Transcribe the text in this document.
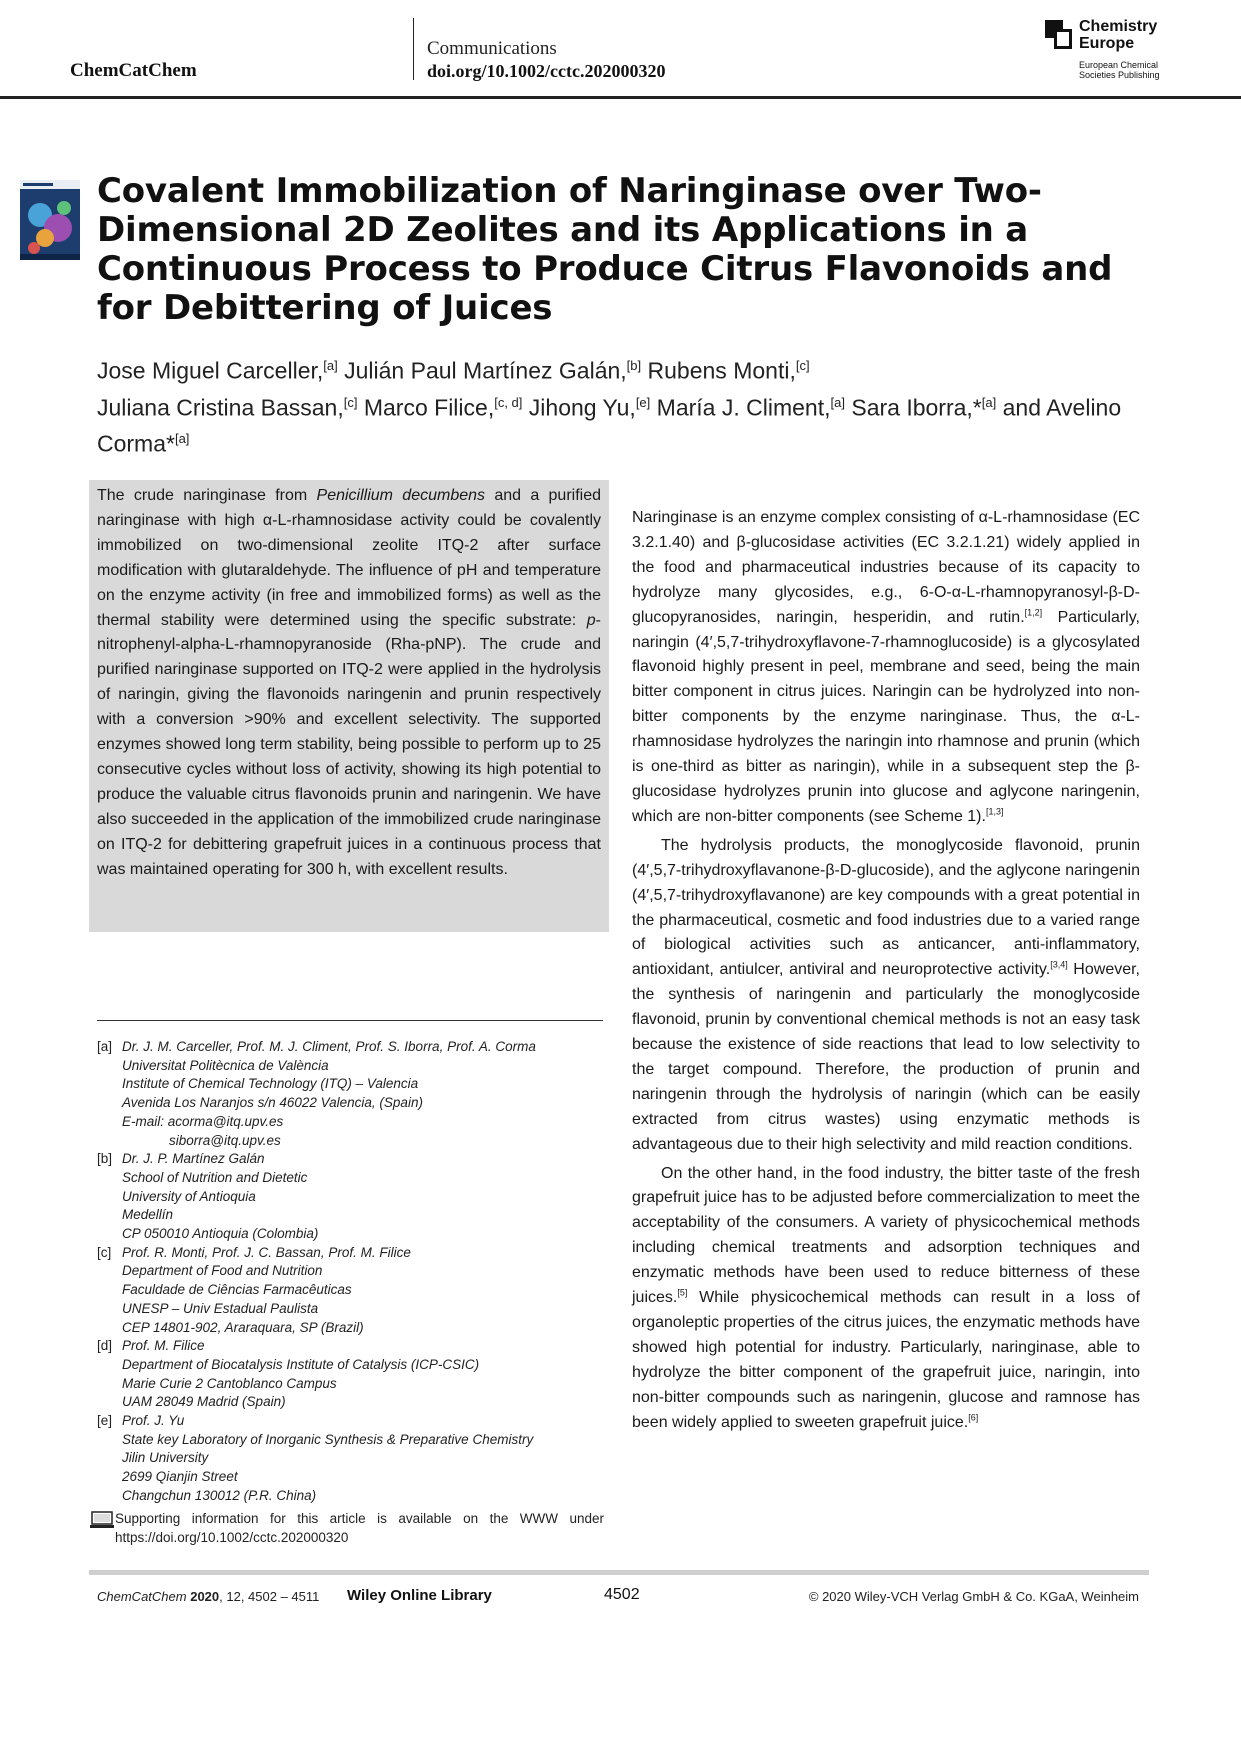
ChemCatChem
Communications
doi.org/10.1002/cctc.202000320
Chemistry
Europe
European Chemical
Societies Publishing
Covalent Immobilization of Naringinase over Two-Dimensional 2D Zeolites and its Applications in a Continuous Process to Produce Citrus Flavonoids and for Debittering of Juices
Jose Miguel Carceller,[a] Julián Paul Martínez Galán,[b] Rubens Monti,[c]
Juliana Cristina Bassan,[c] Marco Filice,[c, d] Jihong Yu,[e] María J. Climent,[a] Sara Iborra,*[a] and Avelino Corma*[a]

The crude naringinase from Penicillium decumbens and a purified naringinase with high α-L-rhamnosidase activity could be covalently immobilized on two-dimensional zeolite ITQ-2 after surface modification with glutaraldehyde. The influence of pH and temperature on the enzyme activity (in free and immobilized forms) as well as the thermal stability were determined using the specific substrate: p-nitrophenyl-alpha-L-rhamnopyranoside (Rha-pNP). The crude and purified naringinase supported on ITQ-2 were applied in the hydrolysis of naringin, giving the flavonoids naringenin and prunin respectively with a conversion >90% and excellent selectivity. The supported enzymes showed long term stability, being possible to perform up to 25 consecutive cycles without loss of activity, showing its high potential to produce the valuable citrus flavonoids prunin and naringenin. We have also succeeded in the application of the immobilized crude naringinase on ITQ-2 for debittering grapefruit juices in a continuous process that was maintained operating for 300 h, with excellent results.

[a] Dr. J. M. Carceller, Prof. M. J. Climent, Prof. S. Iborra, Prof. A. Corma
Universitat Politècnica de València
Institute of Chemical Technology (ITQ) – Valencia
Avenida Los Naranjos s/n 46022 Valencia, (Spain)
E-mail: acorma@itq.upv.es
siborra@itq.upv.es
[b] Dr. J. P. Martínez Galán
School of Nutrition and Dietetic
University of Antioquia
Medellín
CP 050010 Antioquia (Colombia)
[c] Prof. R. Monti, Prof. J. C. Bassan, Prof. M. Filice
Department of Food and Nutrition
Faculdade de Ciências Farmacêuticas
UNESP – Univ Estadual Paulista
CEP 14801-902, Araraquara, SP (Brazil)
[d] Prof. M. Filice
Department of Biocatalysis Institute of Catalysis (ICP-CSIC)
Marie Curie 2 Cantoblanco Campus
UAM 28049 Madrid (Spain)
[e] Prof. J. Yu
State key Laboratory of Inorganic Synthesis & Preparative Chemistry
Jilin University
2699 Qianjin Street
Changchun 130012 (P.R. China)
Supporting information for this article is available on the WWW under https://doi.org/10.1002/cctc.202000320

Naringinase is an enzyme complex consisting of α-L-rhamnosidase (EC 3.2.1.40) and β-glucosidase activities (EC 3.2.1.21) widely applied in the food and pharmaceutical industries because of its capacity to hydrolyze many glycosides, e.g., 6-O-α-L-rhamnopyranosyl-β-D-glucopyranosides, naringin, hesperidin, and rutin.[1,2] Particularly, naringin (4′,5,7-trihydroxyflavone-7-rhamnoglucoside) is a glycosylated flavonoid highly present in peel, membrane and seed, being the main bitter component in citrus juices. Naringin can be hydrolyzed into non-bitter components by the enzyme naringinase. Thus, the α-L-rhamnosidase hydrolyzes the naringin into rhamnose and prunin (which is one-third as bitter as naringin), while in a subsequent step the β-glucosidase hydrolyzes prunin into glucose and aglycone naringenin, which are non-bitter components (see Scheme 1).[1,3]

The hydrolysis products, the monoglycoside flavonoid, prunin (4′,5,7-trihydroxyflavanone-β-D-glucoside), and the aglycone naringenin (4′,5,7-trihydroxyflavanone) are key compounds with a great potential in the pharmaceutical, cosmetic and food industries due to a varied range of biological activities such as anticancer, anti-inflammatory, antioxidant, antiulcer, antiviral and neuroprotective activity.[3,4] However, the synthesis of naringenin and particularly the monoglycoside flavonoid, prunin by conventional chemical methods is not an easy task because the existence of side reactions that lead to low selectivity to the target compound. Therefore, the production of prunin and naringenin through the hydrolysis of naringin (which can be easily extracted from citrus wastes) using enzymatic methods is advantageous due to their high selectivity and mild reaction conditions.

On the other hand, in the food industry, the bitter taste of the fresh grapefruit juice has to be adjusted before commercialization to meet the acceptability of the consumers. A variety of physicochemical methods including chemical treatments and adsorption techniques and enzymatic methods have been used to reduce bitterness of these juices.[5] While physicochemical methods can result in a loss of organoleptic properties of the citrus juices, the enzymatic methods have showed high potential for industry. Particularly, naringinase, able to hydrolyze the bitter component of the grapefruit juice, naringin, into non-bitter compounds such as naringenin, glucose and ramnose has been widely applied to sweeten grapefruit juice.[6]

ChemCatChem 2020, 12, 4502 – 4511 Wiley Online Library	4502	© 2020 Wiley-VCH Verlag GmbH & Co. KGaA, Weinheim
